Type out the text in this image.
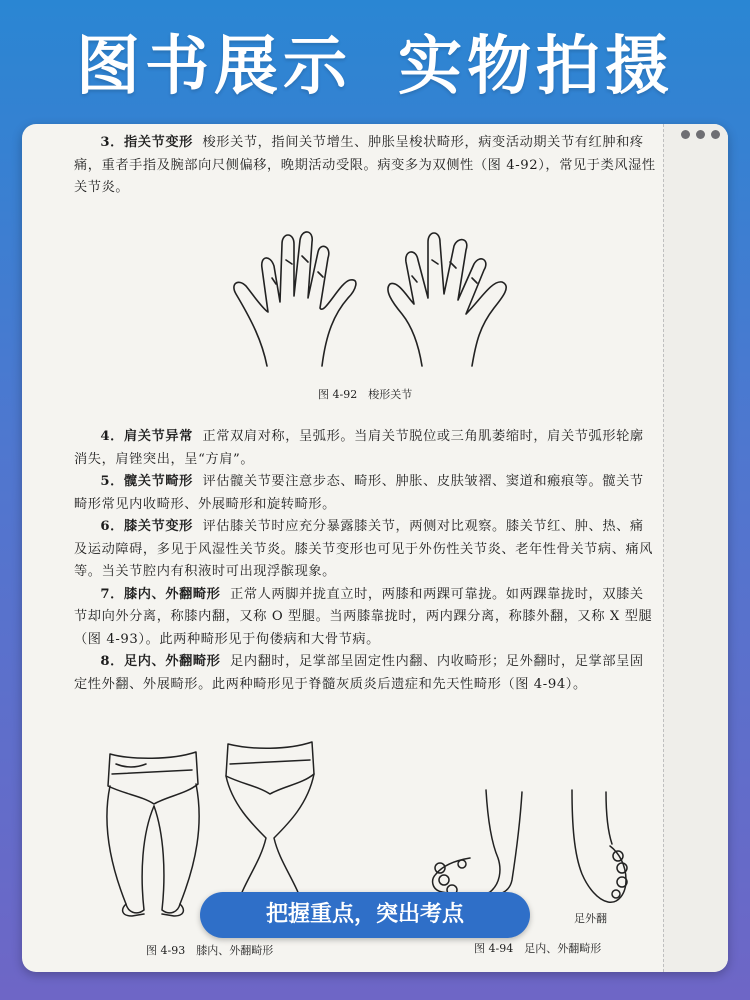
图书展示 实物拍摄

3．指关节变形 梭形关节，指间关节增生、肿胀呈梭状畸形，病变活动期关节有红肿和疼痛，重者手指及腕部向尺侧偏移，晚期活动受限。病变多为双侧性（图 4-92），常见于类风湿性关节炎。

图 4-92　梭形关节

4．肩关节异常 正常双肩对称，呈弧形。当肩关节脱位或三角肌萎缩时，肩关节弧形轮廓消失，肩锉突出，呈“方肩”。

5．髋关节畸形 评估髋关节要注意步态、畸形、肿胀、皮肤皱褶、窦道和瘢痕等。髋关节畸形常见内收畸形、外展畸形和旋转畸形。

6．膝关节变形 评估膝关节时应充分暴露膝关节，两侧对比观察。膝关节红、肿、热、痛及运动障碍，多见于风湿性关节炎。膝关节变形也可见于外伤性关节炎、老年性骨关节病、痛风等。当关节腔内有积液时可出现浮髌现象。

7．膝内、外翻畸形 正常人两脚并拢直立时，两膝和两踝可靠拢。如两踝靠拢时，双膝关节却向外分离，称膝内翻，又称 O 型腿。当两膝靠拢时，两内踝分离，称膝外翻，又称 X 型腿（图 4-93）。此两种畸形见于佝偻病和大骨节病。

8．足内、外翻畸形 足内翻时，足掌部呈固定性内翻、内收畸形；足外翻时，足掌部呈固定性外翻、外展畸形。此两种畸形见于脊髓灰质炎后遗症和先天性畸形（图 4-94）。

图 4-93　膝内、外翻畸形
足外翻
图 4-94　足内、外翻畸形
把握重点，突出考点
